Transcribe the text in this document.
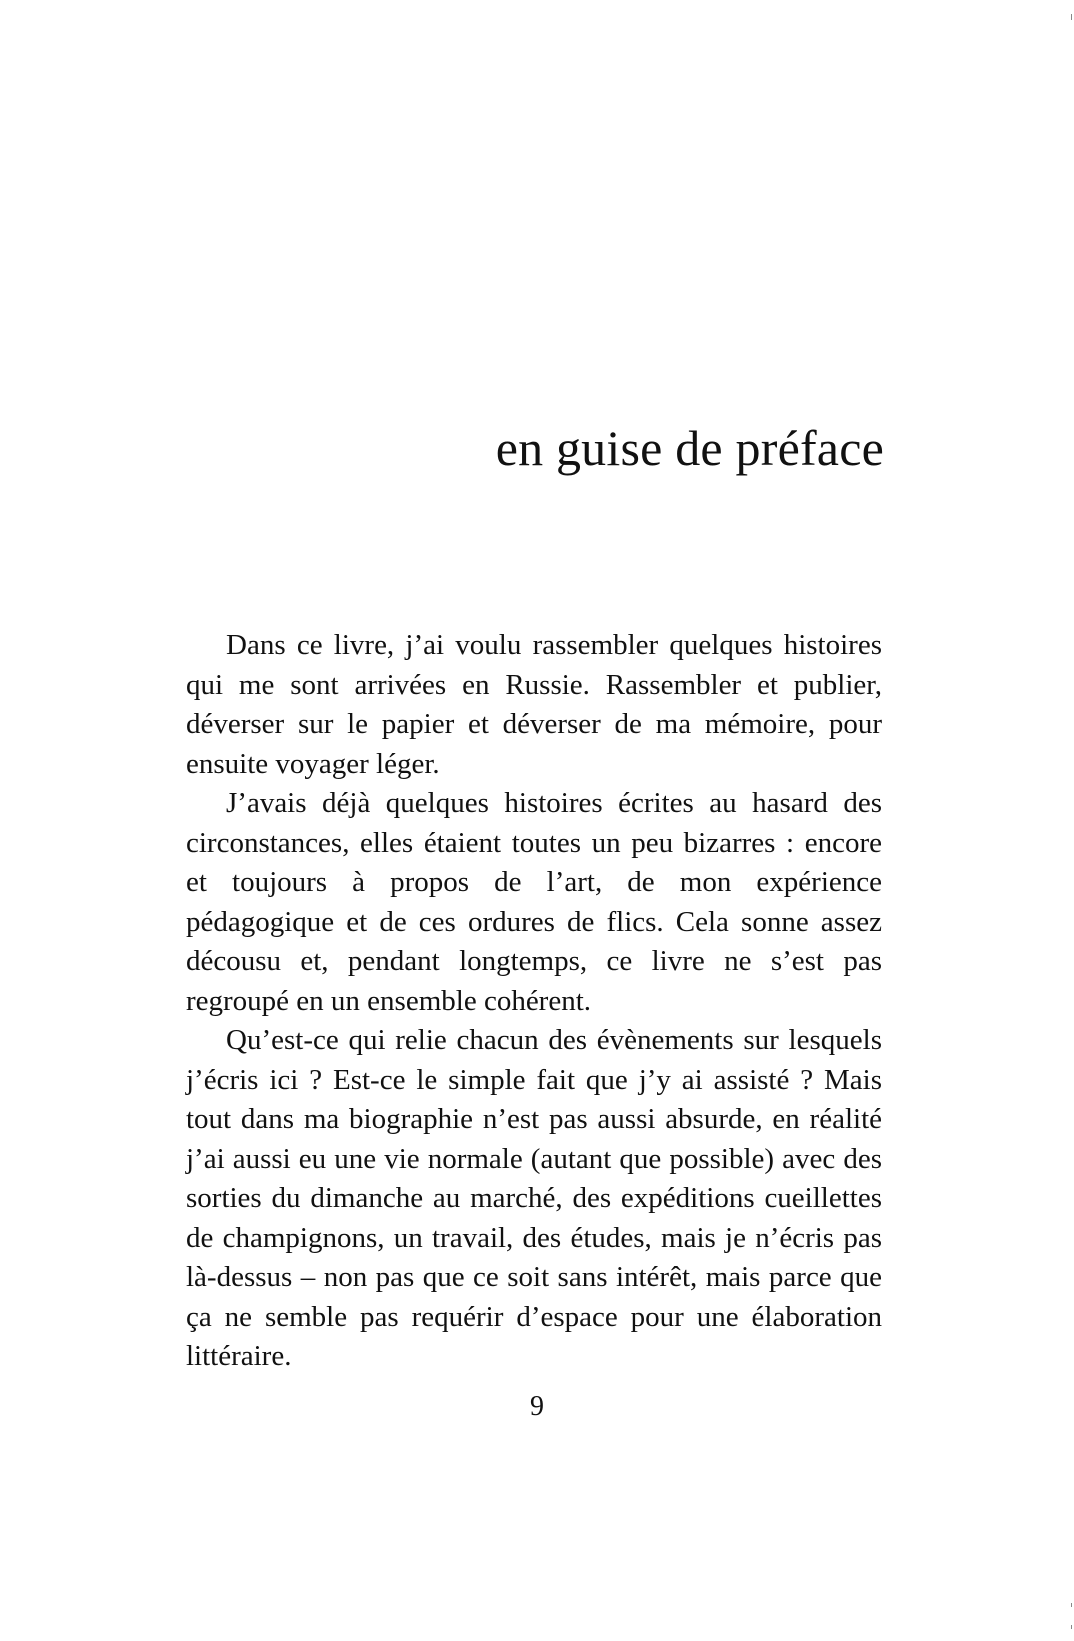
en guise de préface

Dans ce livre, j’ai voulu rassembler quelques histoires qui me sont arrivées en Russie. Rassembler et publier, déverser sur le papier et déverser de ma mémoire, pour ensuite voyager léger.

J’avais déjà quelques histoires écrites au hasard des circonstances, elles étaient toutes un peu bizarres : encore et toujours à propos de l’art, de mon expérience pédagogique et de ces ordures de flics. Cela sonne assez décousu et, pendant longtemps, ce livre ne s’est pas regroupé en un ensemble cohérent.

Qu’est-ce qui relie chacun des évènements sur lesquels j’écris ici ? Est-ce le simple fait que j’y ai assisté ? Mais tout dans ma biographie n’est pas aussi absurde, en réalité j’ai aussi eu une vie normale (autant que possible) avec des sorties du dimanche au marché, des expéditions cueillettes de champignons, un travail, des études, mais je n’écris pas là-dessus – non pas que ce soit sans intérêt, mais parce que ça ne semble pas requérir d’espace pour une élaboration littéraire.

9
